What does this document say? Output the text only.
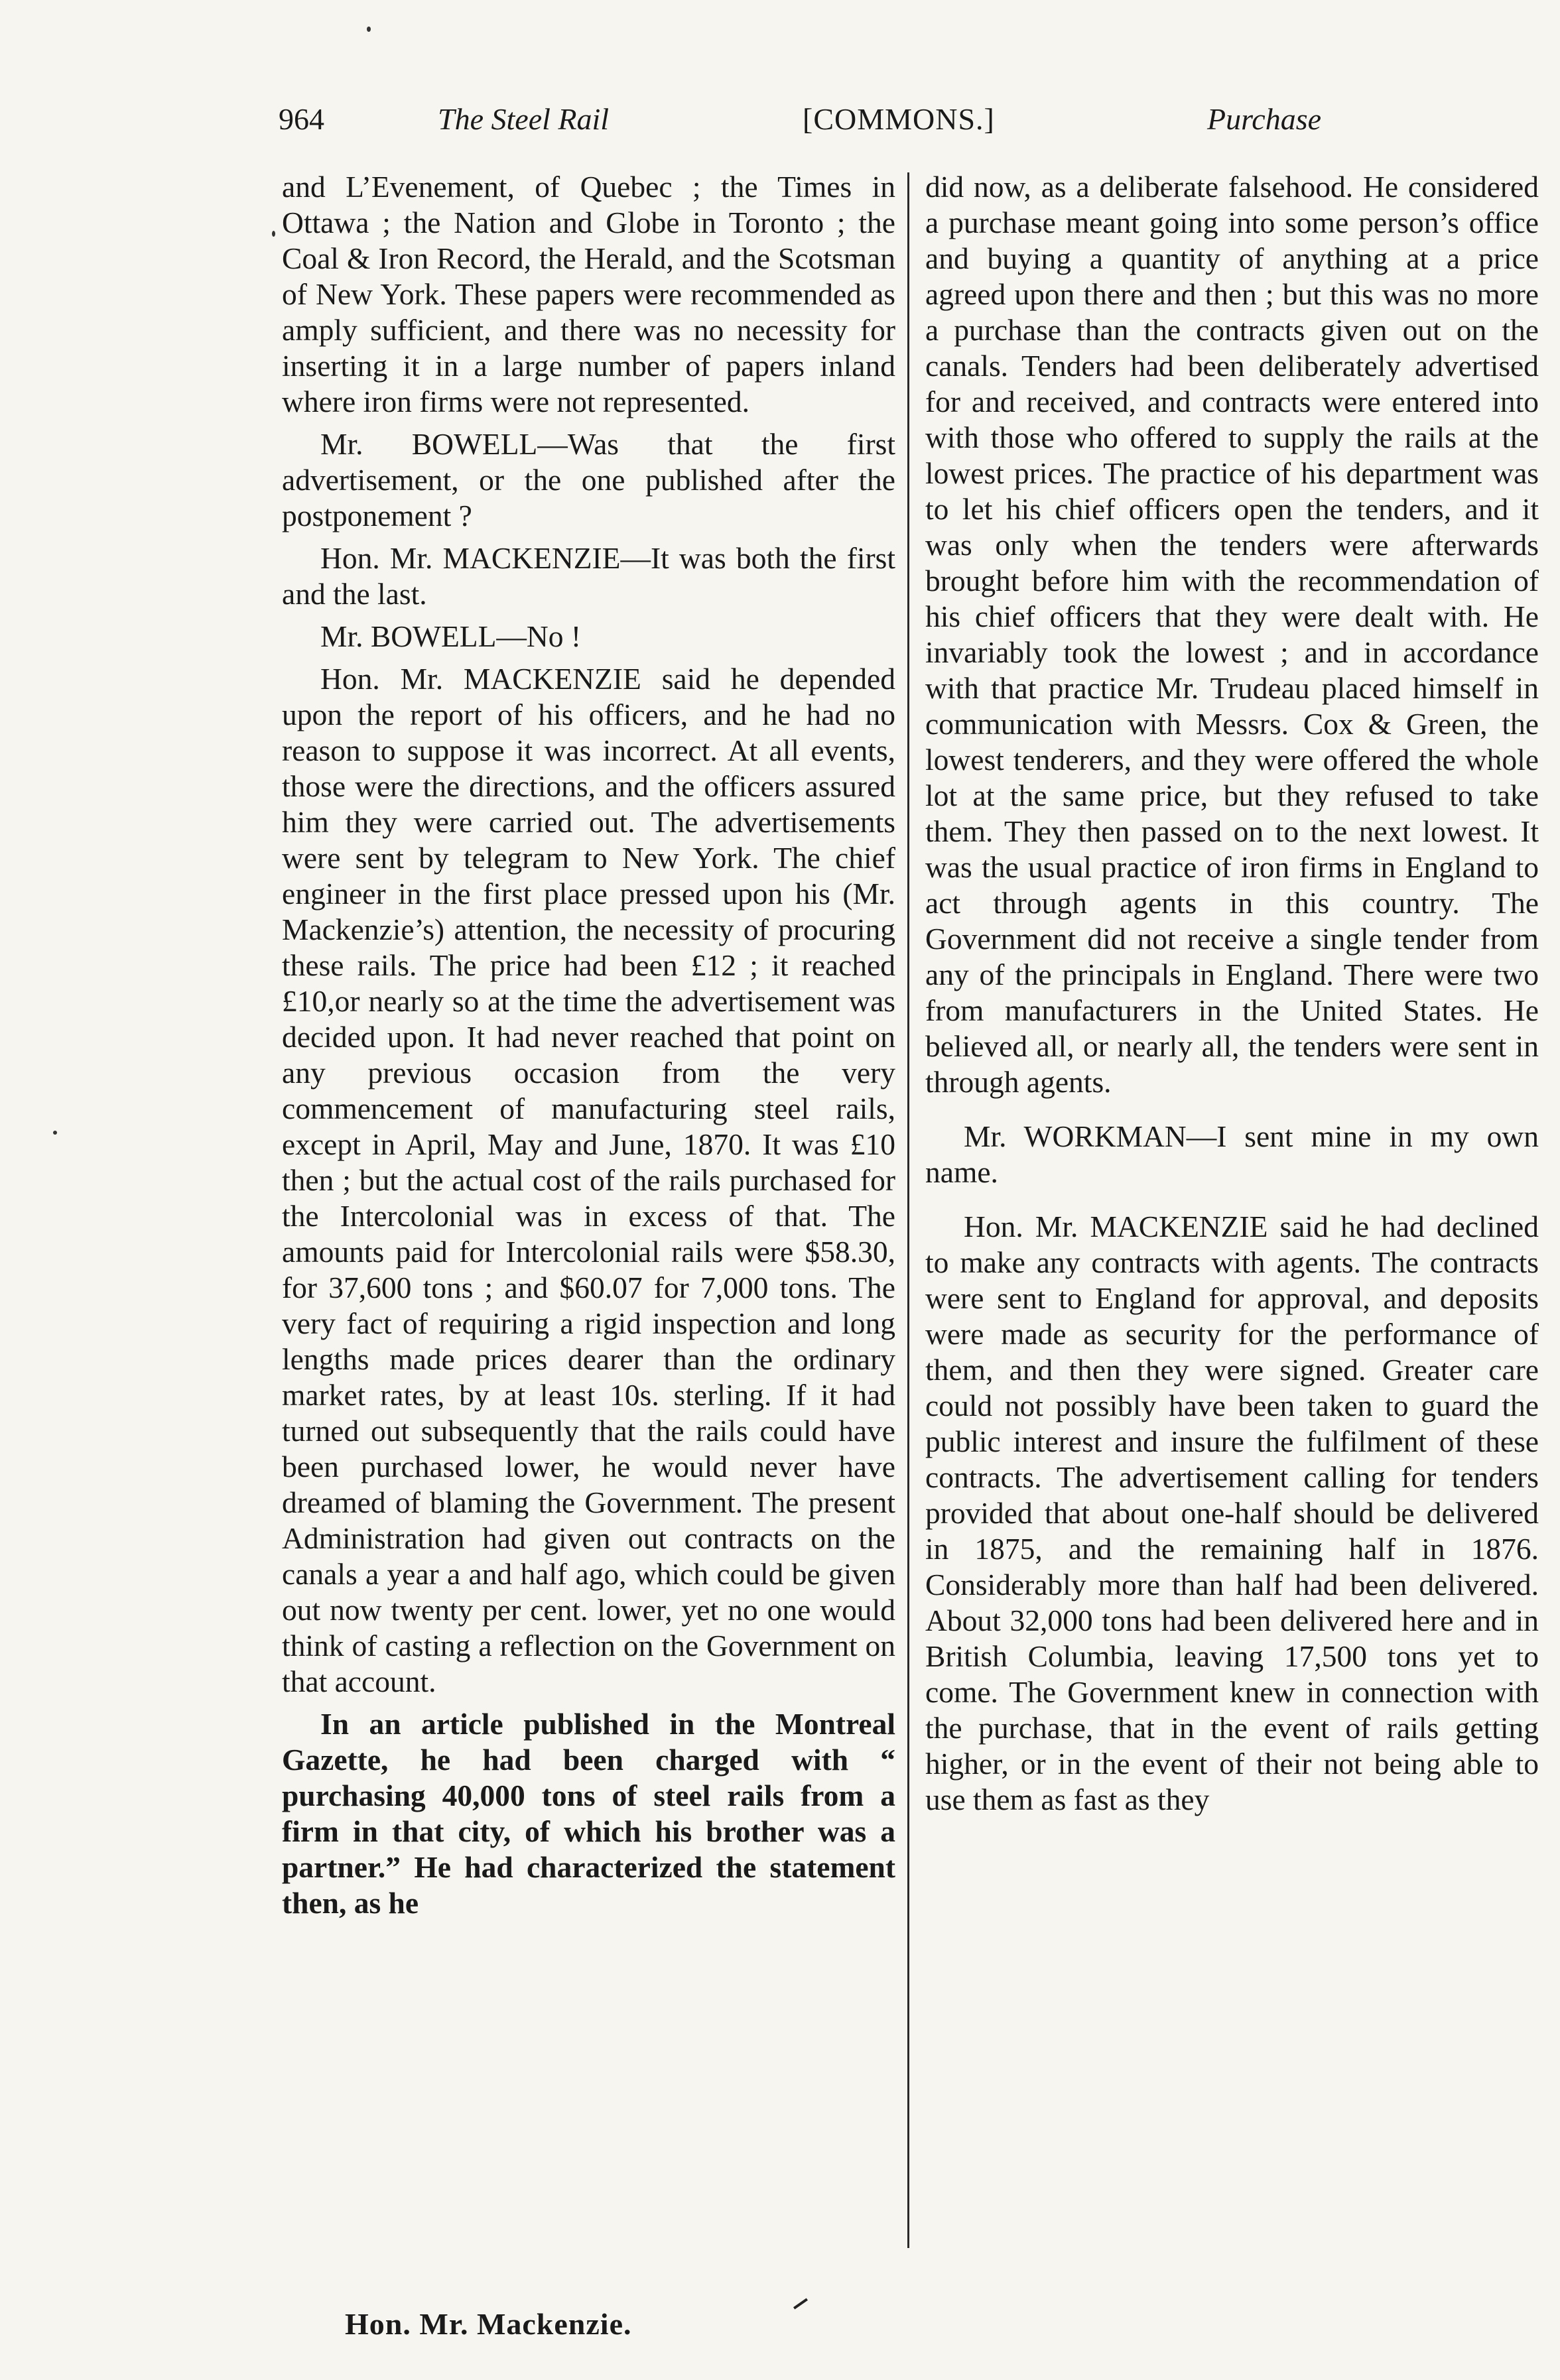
964	The Steel Rail	[COMMONS.]	Purchase

and L’Evenement, of Quebec ; the Times in Ottawa ; the Nation and Globe in Toronto ; the Coal & Iron Record, the Herald, and the Scotsman of New York. These papers were recommended as amply sufficient, and there was no necessity for inserting it in a large number of papers inland where iron firms were not represented.

Mr. BOWELL—Was that the first advertisement, or the one published after the postponement ?

Hon. Mr. MACKENZIE—It was both the first and the last.

Mr. BOWELL—No !

Hon. Mr. MACKENZIE said he depended upon the report of his officers, and he had no reason to suppose it was incorrect. At all events, those were the directions, and the officers assured him they were carried out. The advertisements were sent by telegram to New York. The chief engineer in the first place pressed upon his (Mr. Mackenzie’s) attention, the necessity of procuring these rails. The price had been £12 ; it reached £10,or nearly so at the time the advertisement was decided upon. It had never reached that point on any previous occasion from the very commencement of manufacturing steel rails, except in April, May and June, 1870. It was £10 then ; but the actual cost of the rails purchased for the Intercolonial was in excess of that. The amounts paid for Intercolonial rails were $58.30, for 37,600 tons ; and $60.07 for 7,000 tons. The very fact of requiring a rigid inspection and long lengths made prices dearer than the ordinary market rates, by at least 10s. sterling. If it had turned out subsequently that the rails could have been purchased lower, he would never have dreamed of blaming the Government. The present Administration had given out contracts on the canals a year a and half ago, which could be given out now twenty per cent. lower, yet no one would think of casting a reflection on the Government on that account.

In an article published in the Montreal Gazette, he had been charged with “ purchasing 40,000 tons of steel rails from a firm in that city, of which his brother was a partner.” He had characterized the statement then, as he

did now, as a deliberate falsehood. He considered a purchase meant going into some person’s office and buying a quantity of anything at a price agreed upon there and then ; but this was no more a purchase than the contracts given out on the canals. Tenders had been deliberately advertised for and received, and contracts were entered into with those who offered to supply the rails at the lowest prices. The practice of his department was to let his chief officers open the tenders, and it was only when the tenders were afterwards brought before him with the recommendation of his chief officers that they were dealt with. He invariably took the lowest ; and in accordance with that practice Mr. Trudeau placed himself in communication with Messrs. Cox & Green, the lowest tenderers, and they were offered the whole lot at the same price, but they refused to take them. They then passed on to the next lowest. It was the usual practice of iron firms in England to act through agents in this country. The Government did not receive a single tender from any of the principals in England. There were two from manufacturers in the United States. He believed all, or nearly all, the tenders were sent in through agents.

Mr. WORKMAN—I sent mine in my own name.

Hon. Mr. MACKENZIE said he had declined to make any contracts with agents. The contracts were sent to England for approval, and deposits were made as security for the performance of them, and then they were signed. Greater care could not possibly have been taken to guard the public interest and insure the fulfilment of these contracts. The advertisement calling for tenders provided that about one-half should be delivered in 1875, and the remaining half in 1876. Considerably more than half had been delivered. About 32,000 tons had been delivered here and in British Columbia, leaving 17,500 tons yet to come. The Government knew in connection with the purchase, that in the event of rails getting higher, or in the event of their not being able to use them as fast as they

Hon. Mr. Mackenzie.
